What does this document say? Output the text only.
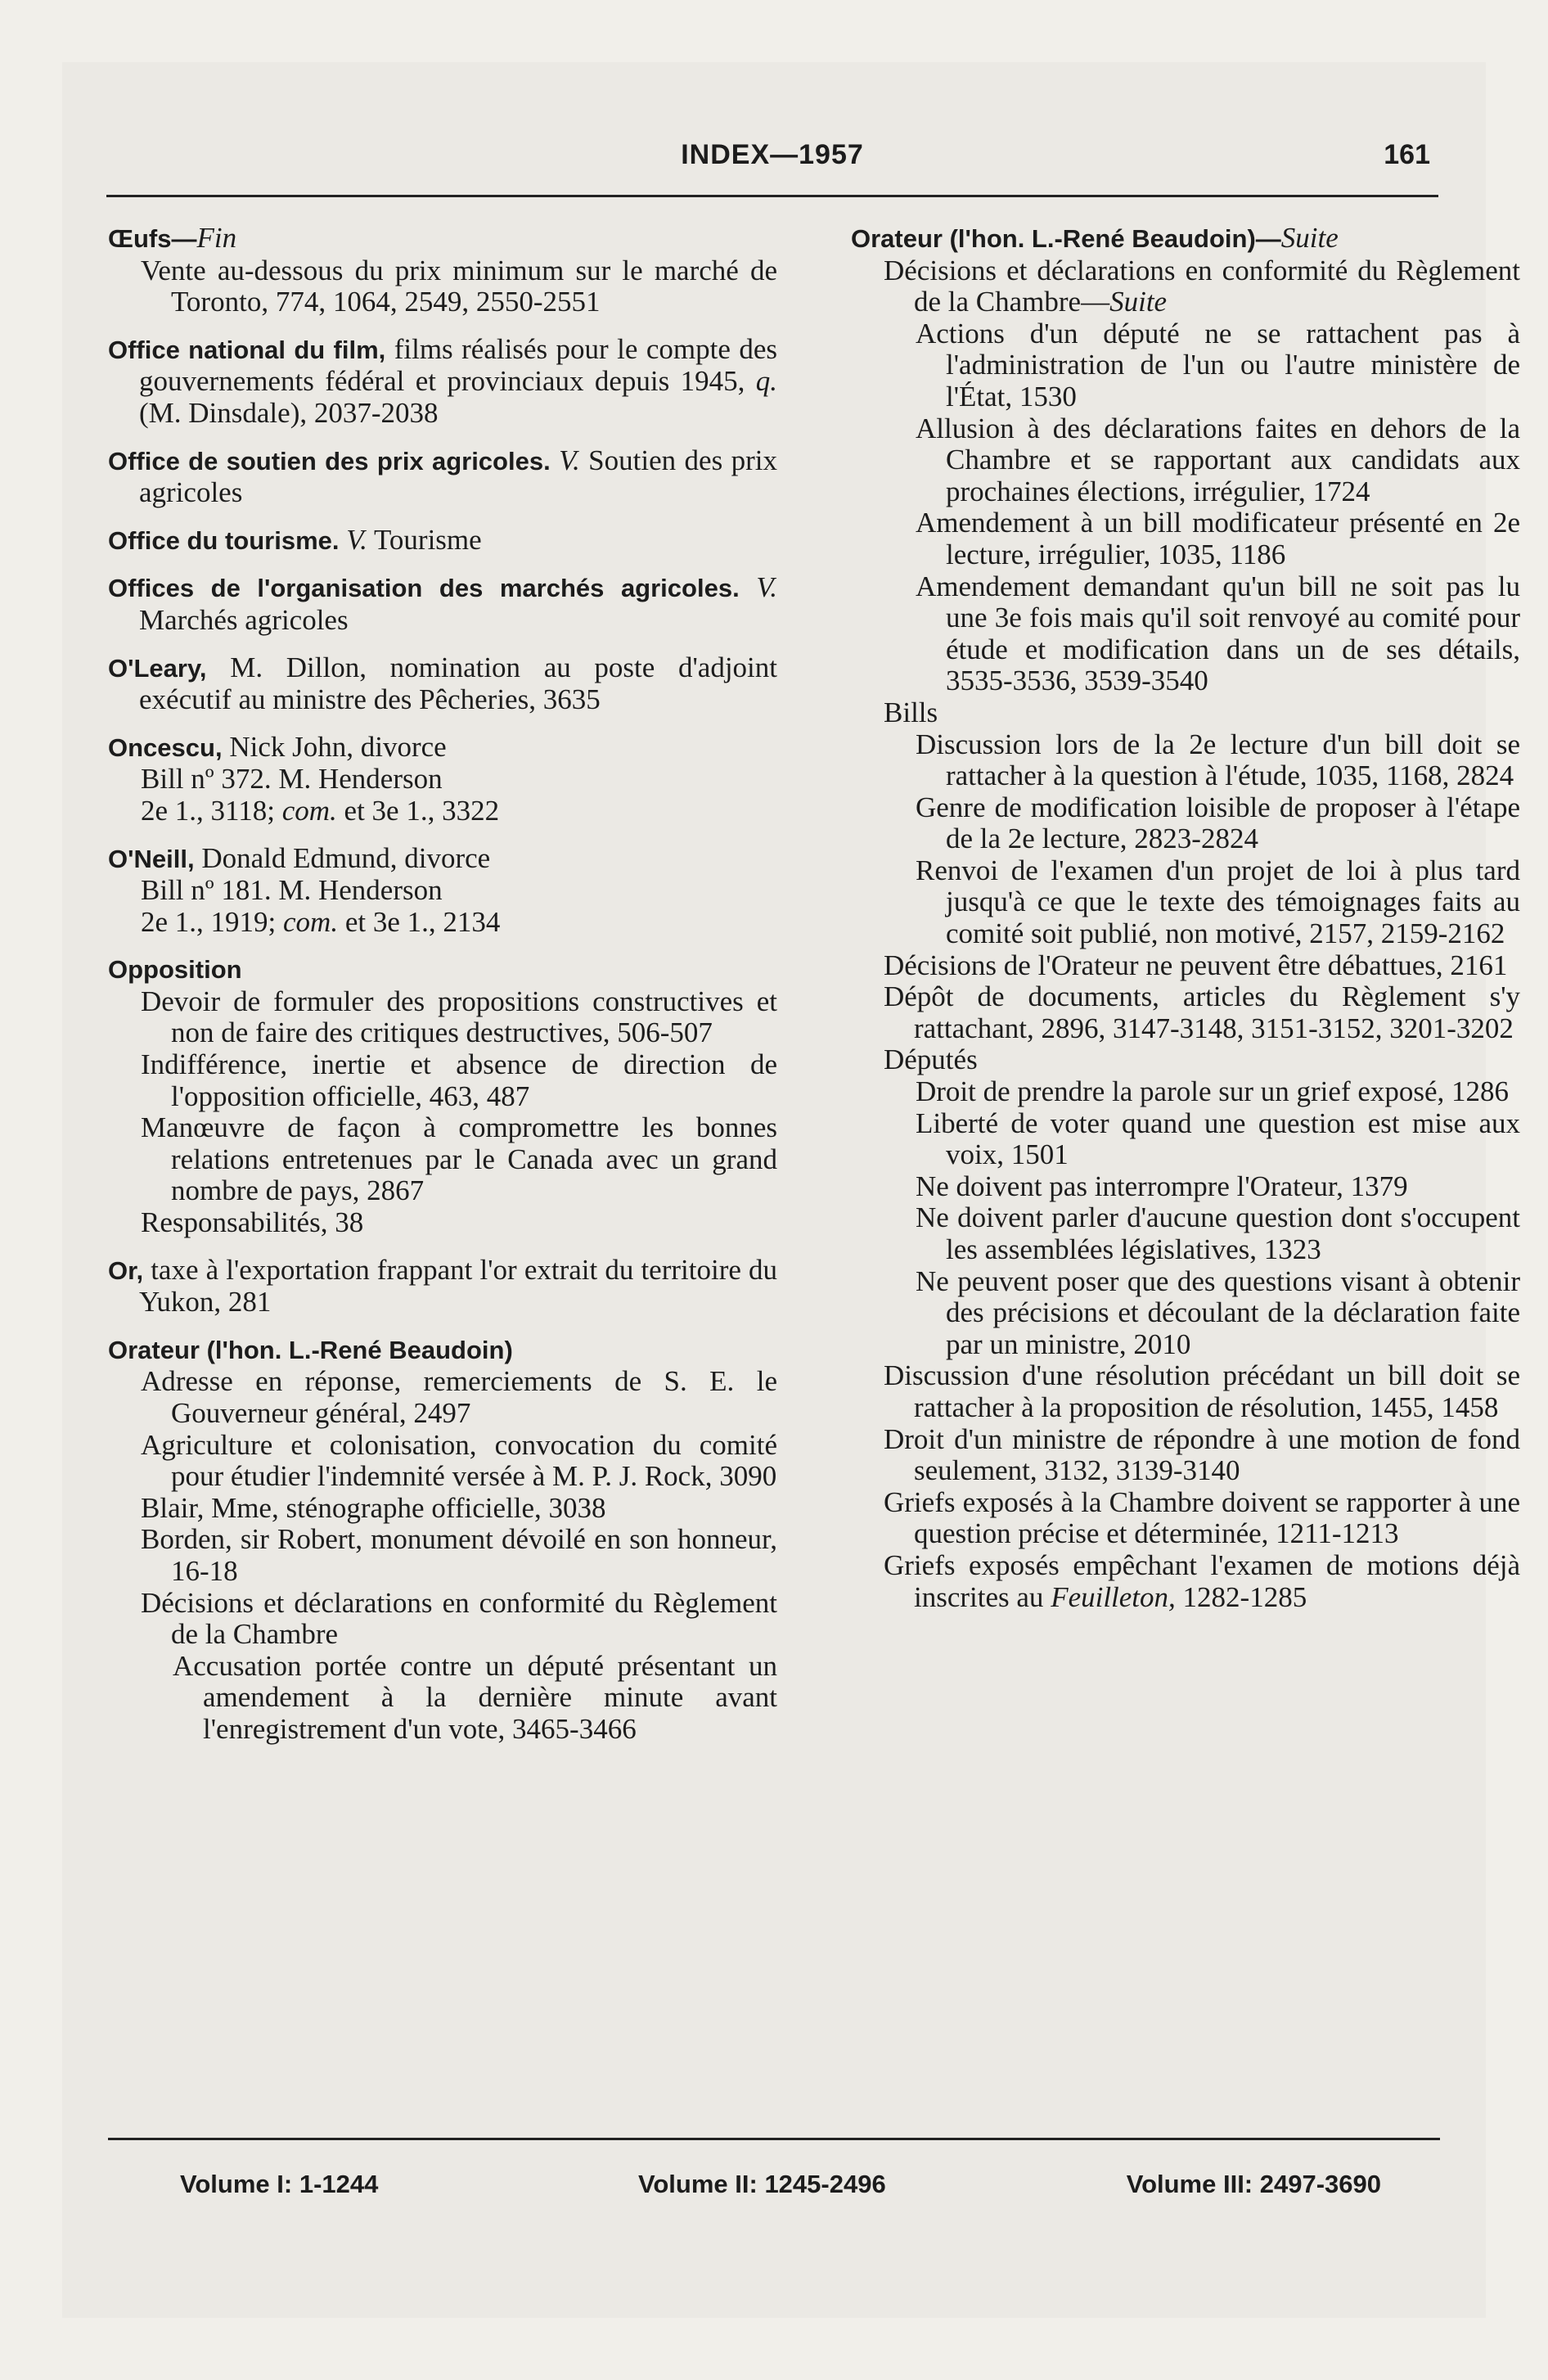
INDEX—1957	161
Œufs—Fin
Vente au-dessous du prix minimum sur le marché de Toronto, 774, 1064, 2549, 2550-2551
Office national du film, films réalisés pour le compte des gouvernements fédéral et provinciaux depuis 1945, q. (M. Dinsdale), 2037-2038
Office de soutien des prix agricoles. V. Soutien des prix agricoles
Office du tourisme. V. Tourisme
Offices de l'organisation des marchés agricoles. V. Marchés agricoles
O'Leary, M. Dillon, nomination au poste d'adjoint exécutif au ministre des Pêcheries, 3635
Oncescu, Nick John, divorce
Bill nº 372. M. Henderson
2e 1., 3118; com. et 3e 1., 3322
O'Neill, Donald Edmund, divorce
Bill nº 181. M. Henderson
2e 1., 1919; com. et 3e 1., 2134
Opposition
Devoir de formuler des propositions constructives et non de faire des critiques destructives, 506-507
Indifférence, inertie et absence de direction de l'opposition officielle, 463, 487
Manœuvre de façon à compromettre les bonnes relations entretenues par le Canada avec un grand nombre de pays, 2867
Responsabilités, 38
Or, taxe à l'exportation frappant l'or extrait du territoire du Yukon, 281
Orateur (l'hon. L.-René Beaudoin)
Adresse en réponse, remerciements de S. E. le Gouverneur général, 2497
Agriculture et colonisation, convocation du comité pour étudier l'indemnité versée à M. P. J. Rock, 3090
Blair, Mme, sténographe officielle, 3038
Borden, sir Robert, monument dévoilé en son honneur, 16-18
Décisions et déclarations en conformité du Règlement de la Chambre
Accusation portée contre un député présentant un amendement à la dernière minute avant l'enregistrement d'un vote, 3465-3466
Orateur (l'hon. L.-René Beaudoin)—Suite
Décisions et déclarations en conformité du Règlement de la Chambre—Suite
Actions d'un député ne se rattachent pas à l'administration de l'un ou l'autre ministère de l'État, 1530
Allusion à des déclarations faites en dehors de la Chambre et se rapportant aux candidats aux prochaines élections, irrégulier, 1724
Amendement à un bill modificateur présenté en 2e lecture, irrégulier, 1035, 1186
Amendement demandant qu'un bill ne soit pas lu une 3e fois mais qu'il soit renvoyé au comité pour étude et modification dans un de ses détails, 3535-3536, 3539-3540
Bills
Discussion lors de la 2e lecture d'un bill doit se rattacher à la question à l'étude, 1035, 1168, 2824
Genre de modification loisible de proposer à l'étape de la 2e lecture, 2823-2824
Renvoi de l'examen d'un projet de loi à plus tard jusqu'à ce que le texte des témoignages faits au comité soit publié, non motivé, 2157, 2159-2162
Décisions de l'Orateur ne peuvent être débattues, 2161
Dépôt de documents, articles du Règlement s'y rattachant, 2896, 3147-3148, 3151-3152, 3201-3202
Députés
Droit de prendre la parole sur un grief exposé, 1286
Liberté de voter quand une question est mise aux voix, 1501
Ne doivent pas interrompre l'Orateur, 1379
Ne doivent parler d'aucune question dont s'occupent les assemblées législatives, 1323
Ne peuvent poser que des questions visant à obtenir des précisions et découlant de la déclaration faite par un ministre, 2010
Discussion d'une résolution précédant un bill doit se rattacher à la proposition de résolution, 1455, 1458
Droit d'un ministre de répondre à une motion de fond seulement, 3132, 3139-3140
Griefs exposés à la Chambre doivent se rapporter à une question précise et déterminée, 1211-1213
Griefs exposés empêchant l'examen de motions déjà inscrites au Feuilleton, 1282-1285
Volume I: 1-1244	Volume II: 1245-2496	Volume III: 2497-3690
